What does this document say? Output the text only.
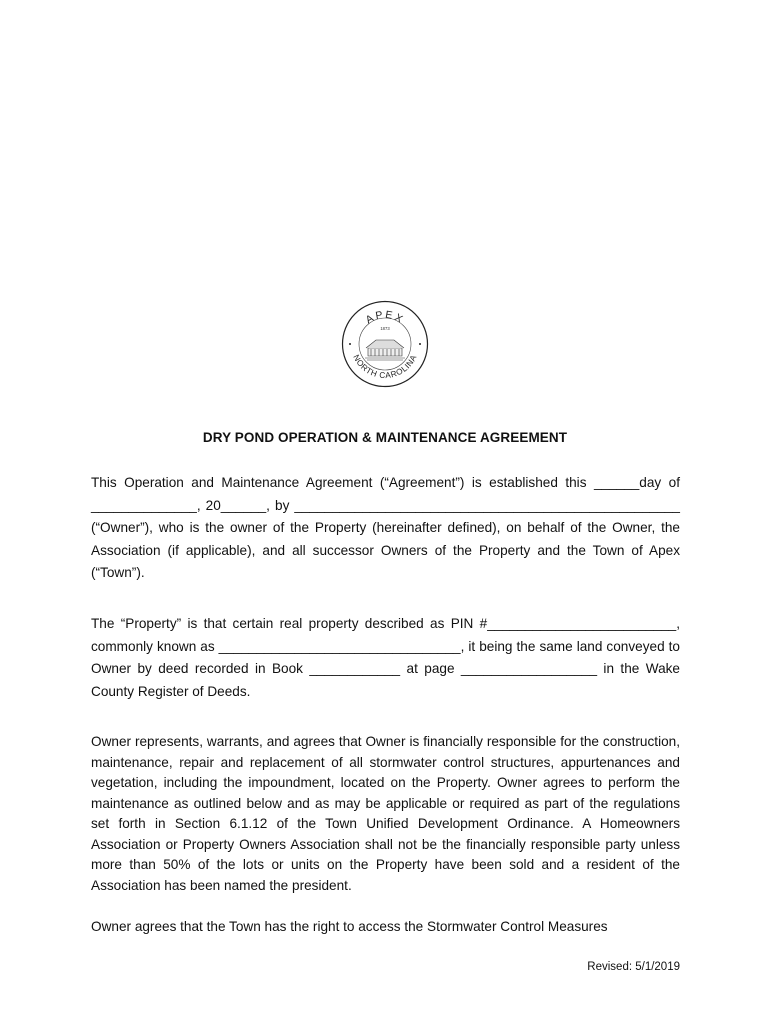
APEX
NORTH CAROLINA
1873
DRY POND OPERATION & MAINTENANCE AGREEMENT
This Operation and Maintenance Agreement (“Agreement”) is established this ______day of ______________, 20______, by ___________________________________________________ (“Owner”), who is the owner of the Property (hereinafter defined), on behalf of the Owner, the Association (if applicable), and all successor Owners of the Property and the Town of Apex (“Town”).
The “Property” is that certain real property described as PIN #_________________________, commonly known as ________________________________, it being the same land conveyed to Owner by deed recorded in Book ____________ at page __________________ in the Wake County Register of Deeds.
Owner represents, warrants, and agrees that Owner is financially responsible for the construction, maintenance, repair and replacement of all stormwater control structures, appurtenances and vegetation, including the impoundment, located on the Property. Owner agrees to perform the maintenance as outlined below and as may be applicable or required as part of the regulations set forth in Section 6.1.12 of the Town Unified Development Ordinance. A Homeowners Association or Property Owners Association shall not be the financially responsible party unless more than 50% of the lots or units on the Property have been sold and a resident of the Association has been named the president.
Owner agrees that the Town has the right to access the Stormwater Control Measures
Revised: 5/1/2019
